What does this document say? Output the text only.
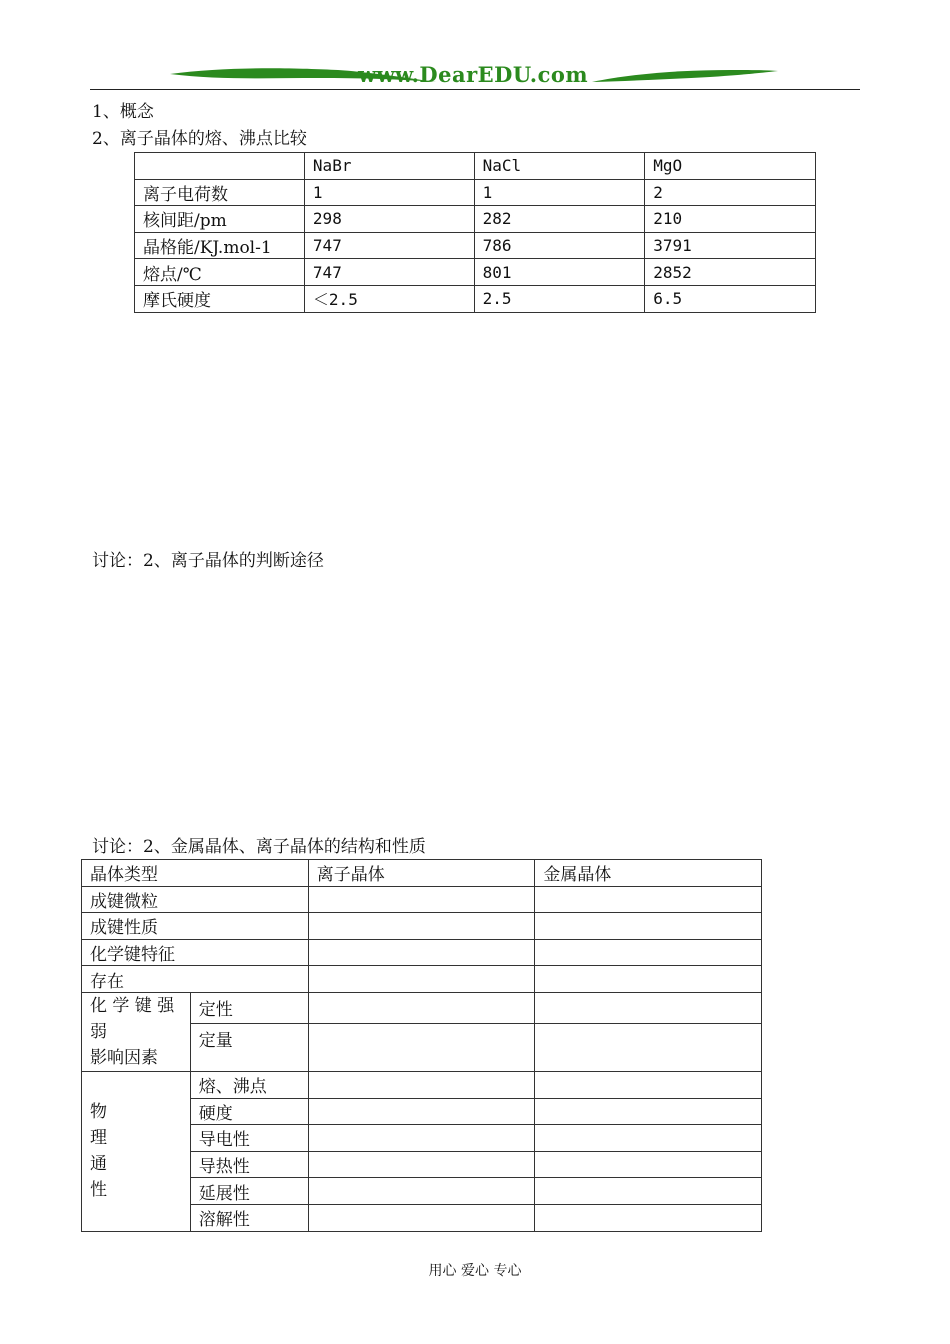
www.DearEDU.com
1、概念
2、离子晶体的熔、沸点比较
	NaBr	NaCl	MgO
离子电荷数	1	1	2
核间距/pm	298	282	210
晶格能/KJ.mol-1	747	786	3791
熔点/℃	747	801	2852
摩氏硬度	＜2.5	2.5	6.5
讨论：2、离子晶体的判断途径
讨论：2、金属晶体、离子晶体的结构和性质
晶体类型		离子晶体	金属晶体
成键微粒			
成键性质			
化学键特征			
存在			

化 学 键 强
弱
影响因素	定性		
	定量		

物
理
通
性	熔、沸点		
	硬度		
	导电性		
	导热性		
	延展性		
	溶解性		
用心 爱心 专心
